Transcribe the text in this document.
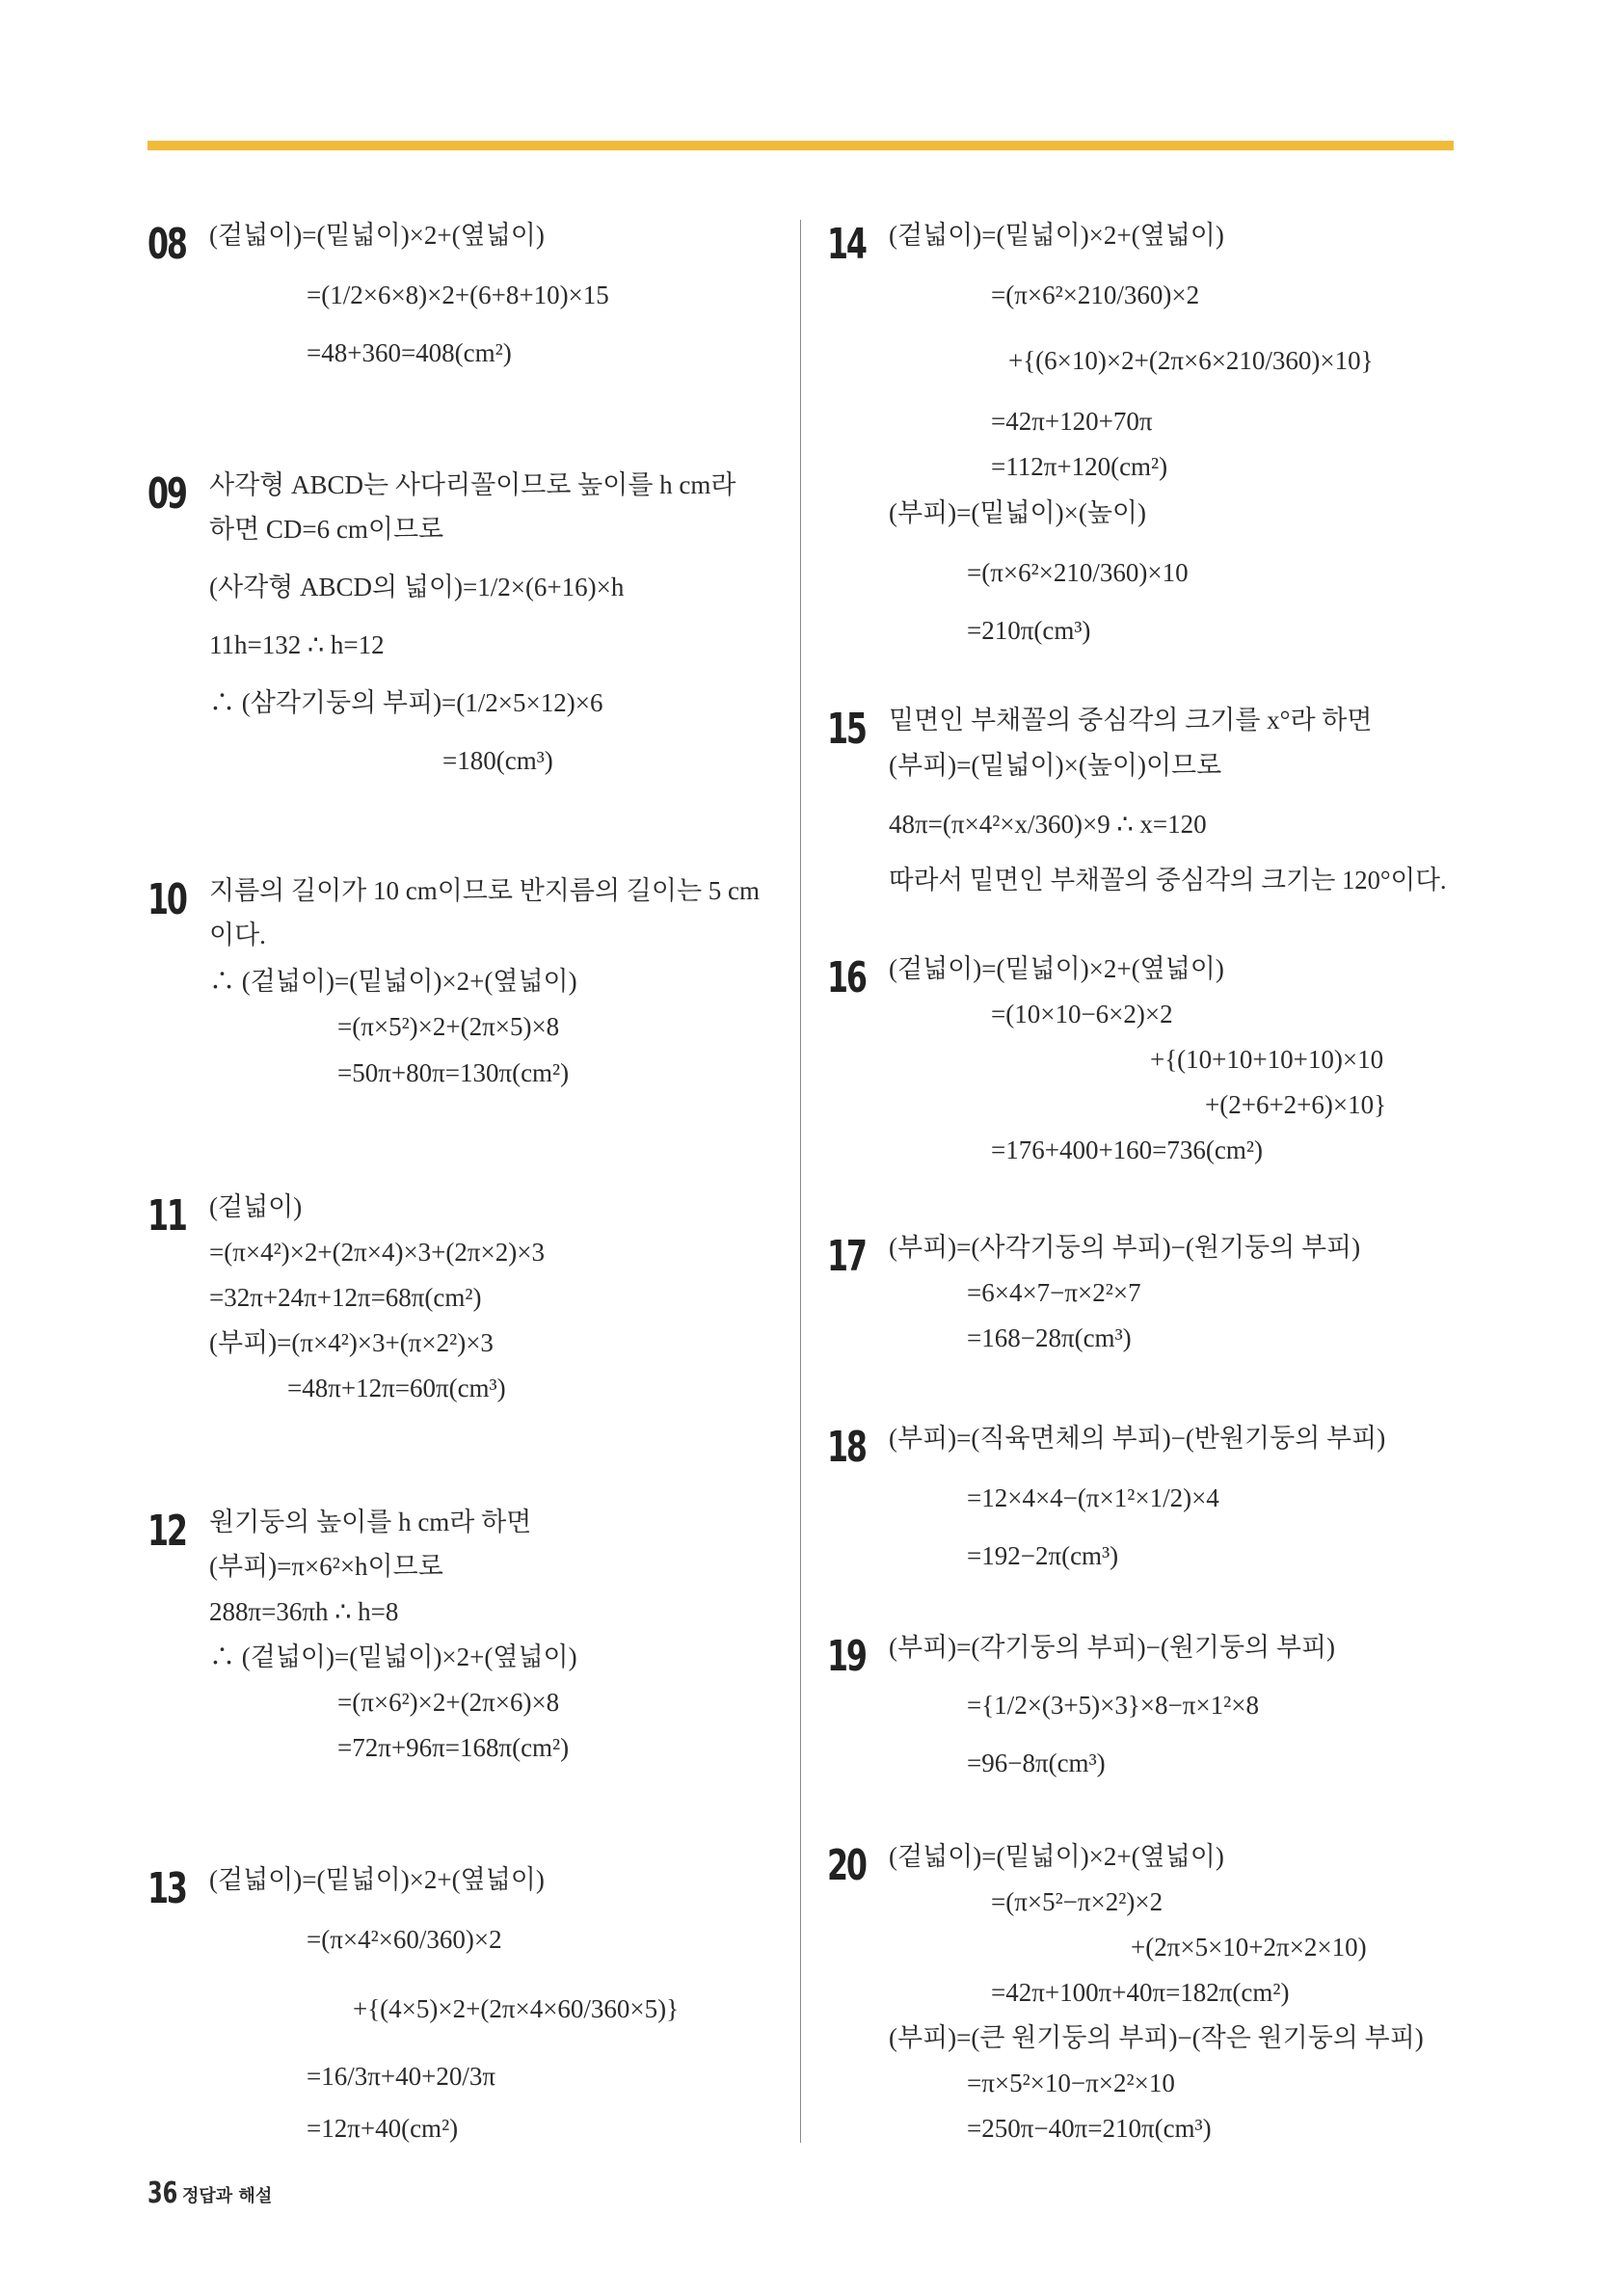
08 (겉넓이)=(밑넓이)×2+(옆넓이)
=(1/2×6×8)×2+(6+8+10)×15
=48+360=408(cm²)
09 사각형 ABCD는 사다리꼴이므로 높이를 h cm라
하면 CD=6 cm이므로
(사각형 ABCD의 넓이)=1/2×(6+16)×h
11h=132 ∴ h=12
∴ (삼각기둥의 부피)=(1/2×5×12)×6
=180(cm³)
10 지름의 길이가 10 cm이므로 반지름의 길이는 5 cm
이다.
∴ (겉넓이)=(밑넓이)×2+(옆넓이)
=(π×5²)×2+(2π×5)×8
=50π+80π=130π(cm²)
11 (겉넓이)
=(π×4²)×2+(2π×4)×3+(2π×2)×3
=32π+24π+12π=68π(cm²)
(부피)=(π×4²)×3+(π×2²)×3
=48π+12π=60π(cm³)
12 원기둥의 높이를 h cm라 하면
(부피)=π×6²×h이므로
288π=36πh ∴ h=8
∴ (겉넓이)=(밑넓이)×2+(옆넓이)
=(π×6²)×2+(2π×6)×8
=72π+96π=168π(cm²)
13 (겉넓이)=(밑넓이)×2+(옆넓이)
=(π×4²×60/360)×2
+{(4×5)×2+(2π×4×60/360×5)}
=16/3π+40+20/3π
=12π+40(cm²)
14 (겉넓이)=(밑넓이)×2+(옆넓이)
=(π×6²×210/360)×2
+{(6×10)×2+(2π×6×210/360)×10}
=42π+120+70π
=112π+120(cm²)
(부피)=(밑넓이)×(높이)
=(π×6²×210/360)×10
=210π(cm³)
15 밑면인 부채꼴의 중심각의 크기를 x°라 하면
(부피)=(밑넓이)×(높이)이므로
48π=(π×4²×x/360)×9 ∴ x=120
따라서 밑면인 부채꼴의 중심각의 크기는 120°이다.
16 (겉넓이)=(밑넓이)×2+(옆넓이)
=(10×10−6×2)×2
+{(10+10+10+10)×10
+(2+6+2+6)×10}
=176+400+160=736(cm²)
17 (부피)=(사각기둥의 부피)−(원기둥의 부피)
=6×4×7−π×2²×7
=168−28π(cm³)
18 (부피)=(직육면체의 부피)−(반원기둥의 부피)
=12×4×4−(π×1²×1/2)×4
=192−2π(cm³)
19 (부피)=(각기둥의 부피)−(원기둥의 부피)
={1/2×(3+5)×3}×8−π×1²×8
=96−8π(cm³)
20 (겉넓이)=(밑넓이)×2+(옆넓이)
=(π×5²−π×2²)×2
+(2π×5×10+2π×2×10)
=42π+100π+40π=182π(cm²)
(부피)=(큰 원기둥의 부피)−(작은 원기둥의 부피)
=π×5²×10−π×2²×10
=250π−40π=210π(cm³)
36 정답과 해설
